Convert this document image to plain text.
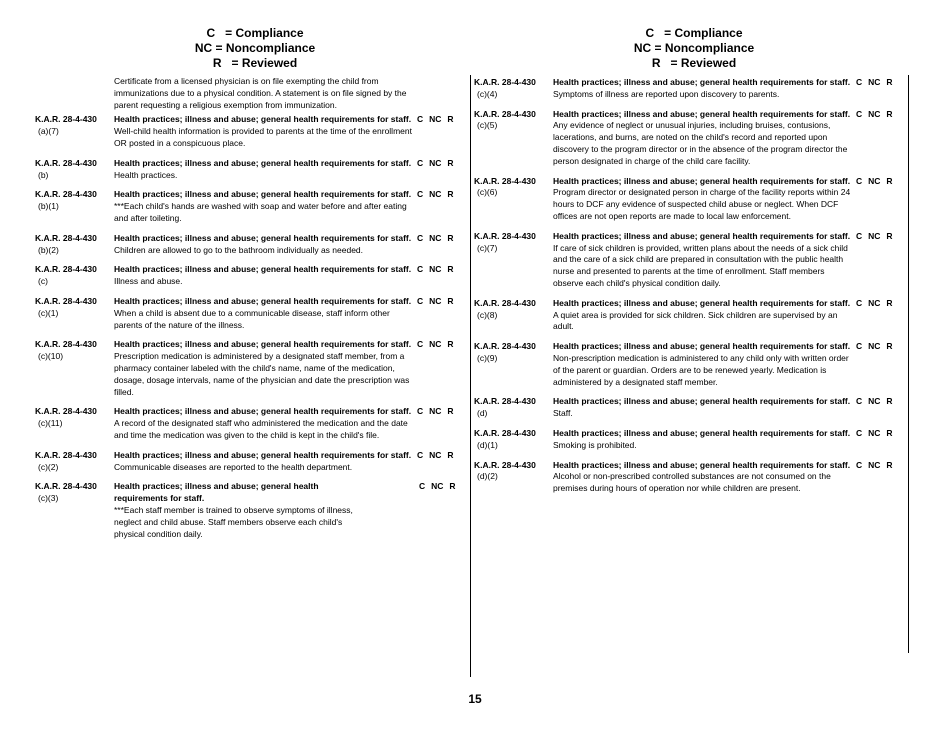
C   = Compliance
NC = Noncompliance
R   = Reviewed
Certificate from a licensed physician is on file exempting the child from immunizations due to a physical condition. A statement is on file signed by the parent requesting a religious exemption from immunization.
K.A.R. 28-4-430
(a)(7)
Health practices; illness and abuse; general health requirements for staff.
Well-child health information is provided to parents at the time of the enrollment OR posted in a conspicuous place.
C NC R
K.A.R. 28-4-430
(b)
Health practices; illness and abuse; general health requirements for staff.
Health practices.
C NC R
K.A.R. 28-4-430
(b)(1)
Health practices; illness and abuse; general health requirements for staff.
***Each child's hands are washed with soap and water before and after eating and after toileting.
C NC R
K.A.R. 28-4-430
(b)(2)
Health practices; illness and abuse; general health requirements for staff.
Children are allowed to go to the bathroom individually as needed.
C NC R
K.A.R. 28-4-430
(c)
Health practices; illness and abuse; general health requirements for staff.
Illness and abuse.
C NC R
K.A.R. 28-4-430
(c)(1)
Health practices; illness and abuse; general health requirements for staff.
When a child is absent due to a communicable disease, staff inform other parents of the nature of the illness.
C NC R
K.A.R. 28-4-430
(c)(10)
Health practices; illness and abuse; general health requirements for staff.
Prescription medication is administered by a designated staff member, from a pharmacy container labeled with the child's name, name of the medication, dosage, dosage intervals, name of the physician and date the prescription was filled.
C NC R
K.A.R. 28-4-430
(c)(11)
Health practices; illness and abuse; general health requirements for staff.
A record of the designated staff who administered the medication and the date and time the medication was given to the child is kept in the child's file.
C NC R
K.A.R. 28-4-430
(c)(2)
Health practices; illness and abuse; general health requirements for staff.
Communicable diseases are reported to the health department.
C NC R
K.A.R. 28-4-430
(c)(3)
Health practices; illness and abuse; general health requirements for staff.
***Each staff member is trained to observe symptoms of illness, neglect and child abuse. Staff members observe each child's physical condition daily.
C NC R
C   = Compliance
NC = Noncompliance
R   = Reviewed
K.A.R. 28-4-430
(c)(4)
Health practices; illness and abuse; general health requirements for staff.
Symptoms of illness are reported upon discovery to parents.
C NC R
K.A.R. 28-4-430
(c)(5)
Health practices; illness and abuse; general health requirements for staff.
Any evidence of neglect or unusual injuries, including bruises, contusions, lacerations, and burns, are noted on the child's record and reported upon discovery to the program director or in the absence of the program director the person designated in charge of the child care facility.
C NC R
K.A.R. 28-4-430
(c)(6)
Health practices; illness and abuse; general health requirements for staff.
Program director or designated person in charge of the facility reports within 24 hours to DCF any evidence of suspected child abuse or neglect. When DCF offices are not open reports are made to local law enforcement.
C NC R
K.A.R. 28-4-430
(c)(7)
Health practices; illness and abuse; general health requirements for staff.
If care of sick children is provided, written plans about the needs of a sick child and the care of a sick child are prepared in consultation with the public health nurse and presented to parents at the time of enrollment. Staff members observe each child's physical condition daily.
C NC R
K.A.R. 28-4-430
(c)(8)
Health practices; illness and abuse; general health requirements for staff.
A quiet area is provided for sick children. Sick children are supervised by an adult.
C NC R
K.A.R. 28-4-430
(c)(9)
Health practices; illness and abuse; general health requirements for staff.
Non-prescription medication is administered to any child only with written order of the parent or guardian. Orders are to be renewed yearly. Medication is administered by a designated staff member.
C NC R
K.A.R. 28-4-430
(d)
Health practices; illness and abuse; general health requirements for staff.
Staff.
C NC R
K.A.R. 28-4-430
(d)(1)
Health practices; illness and abuse; general health requirements for staff.
Smoking is prohibited.
C NC R
K.A.R. 28-4-430
(d)(2)
Health practices; illness and abuse; general health requirements for staff.
Alcohol or non-prescribed controlled substances are not consumed on the premises during hours of operation nor while children are present.
C NC R
15
